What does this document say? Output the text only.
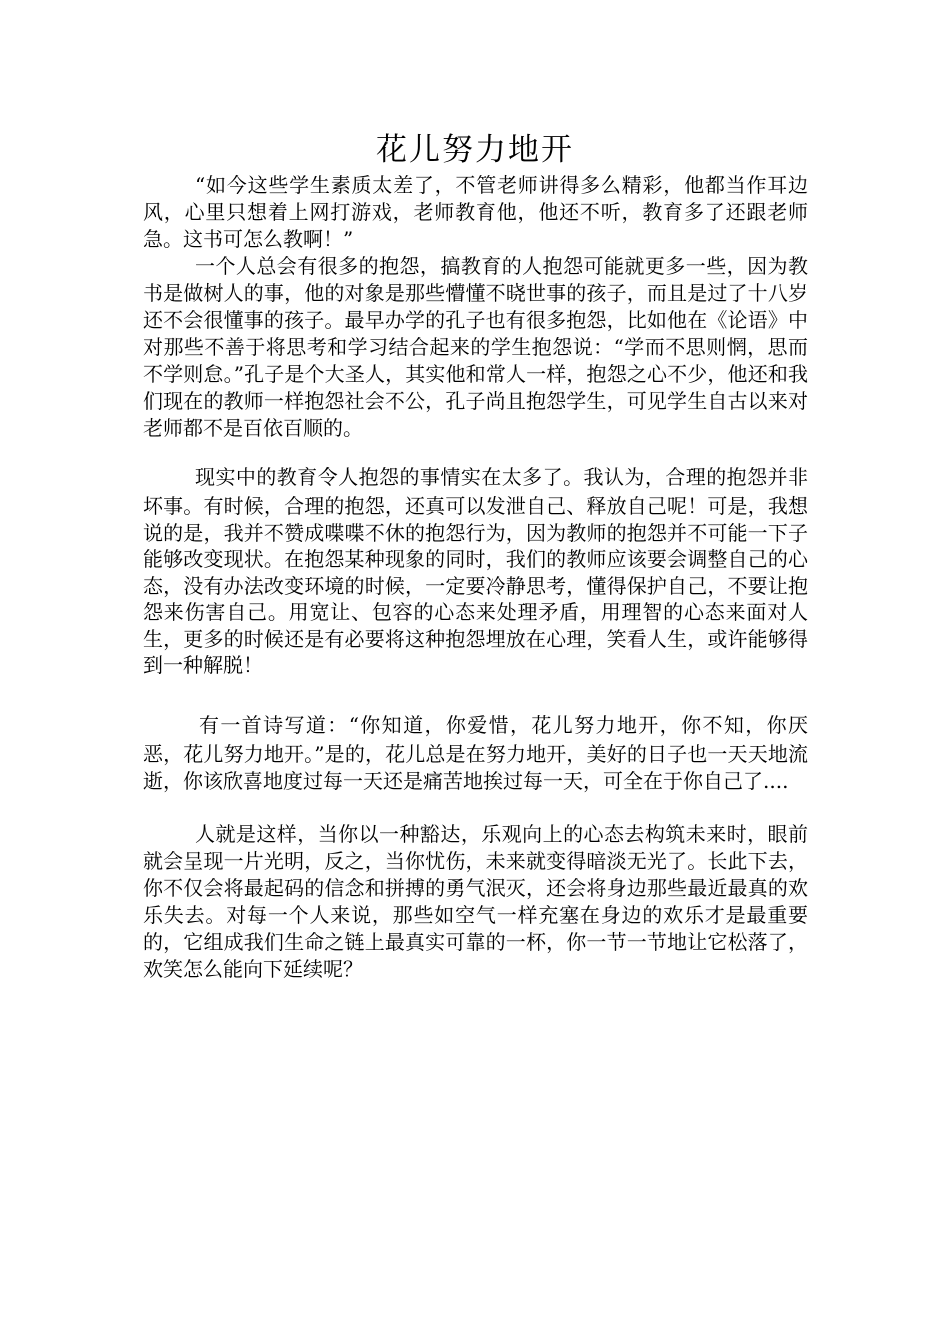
花儿努力地开

“如今这些学生素质太差了，不管老师讲得多么精彩，他都当作耳边风，心里只想着上网打游戏，老师教育他，他还不听，教育多了还跟老师急。这书可怎么教啊！”

一个人总会有很多的抱怨，搞教育的人抱怨可能就更多一些，因为教书是做树人的事，他的对象是那些懵懂不晓世事的孩子，而且是过了十八岁还不会很懂事的孩子。最早办学的孔子也有很多抱怨，比如他在《论语》中对那些不善于将思考和学习结合起来的学生抱怨说：“学而不思则惘，思而不学则怠。”孔子是个大圣人，其实他和常人一样，抱怨之心不少，他还和我们现在的教师一样抱怨社会不公，孔子尚且抱怨学生，可见学生自古以来对老师都不是百依百顺的。

现实中的教育令人抱怨的事情实在太多了。我认为，合理的抱怨并非坏事。有时候，合理的抱怨，还真可以发泄自己、释放自己呢！可是，我想说的是，我并不赞成喋喋不休的抱怨行为，因为教师的抱怨并不可能一下子能够改变现状。在抱怨某种现象的同时，我们的教师应该要会调整自己的心态，没有办法改变环境的时候，一定要冷静思考，懂得保护自己，不要让抱怨来伤害自己。用宽让、包容的心态来处理矛盾，用理智的心态来面对人生，更多的时候还是有必要将这种抱怨埋放在心理，笑看人生，或许能够得到一种解脱！

有一首诗写道：“你知道，你爱惜，花儿努力地开，你不知，你厌恶，花儿努力地开。”是的，花儿总是在努力地开，美好的日子也一天天地流逝，你该欣喜地度过每一天还是痛苦地挨过每一天，可全在于你自己了....

人就是这样，当你以一种豁达，乐观向上的心态去构筑未来时，眼前就会呈现一片光明，反之，当你忧伤，未来就变得暗淡无光了。长此下去，你不仅会将最起码的信念和拼搏的勇气泯灭，还会将身边那些最近最真的欢乐失去。对每一个人来说，那些如空气一样充塞在身边的欢乐才是最重要的，它组成我们生命之链上最真实可靠的一杯，你一节一节地让它松落了，欢笑怎么能向下延续呢？
